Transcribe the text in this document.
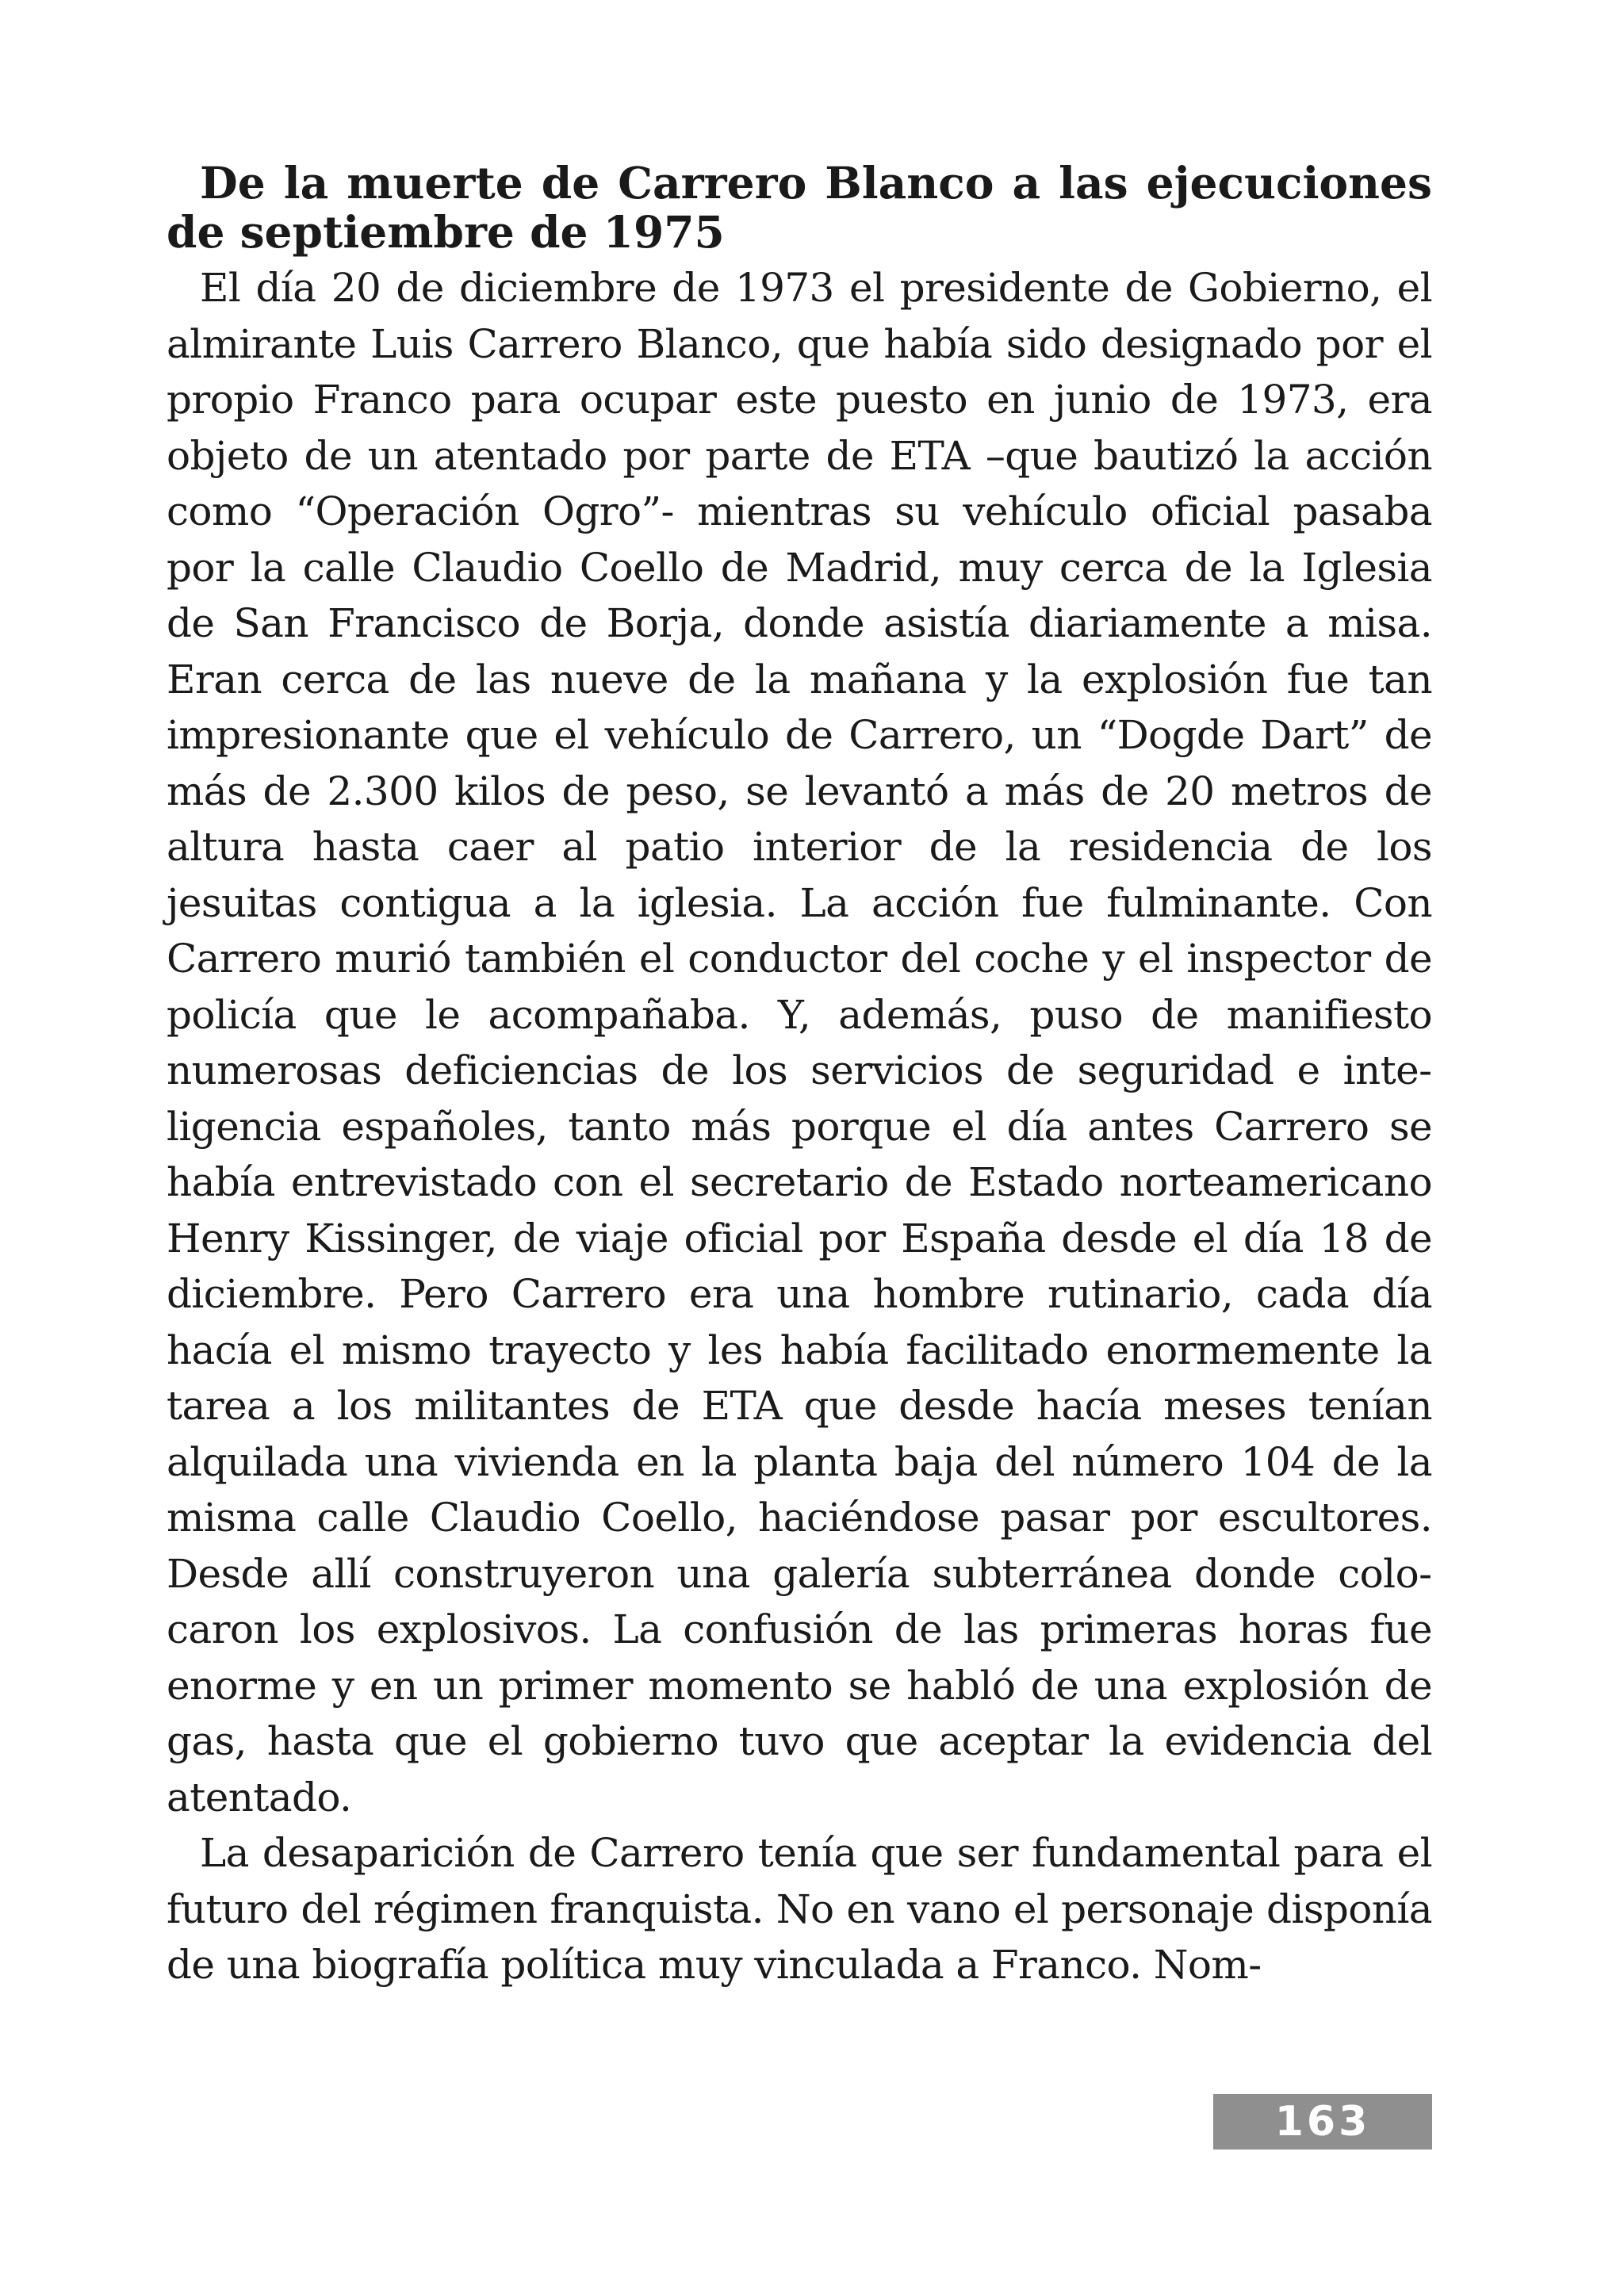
De la muerte de Carrero Blanco a las ejecuciones de septiembre de 1975

El día 20 de diciembre de 1973 el presidente de Gobierno, el almirante Luis Carrero Blanco, que había sido designado por el propio Franco para ocupar este puesto en junio de 1973, era objeto de un atentado por parte de ETA –que bautizó la acción como “Operación Ogro”- mientras su vehículo oficial pasaba por la calle Claudio Coello de Madrid, muy cerca de la Iglesia de San Francisco de Borja, donde asistía diariamente a misa. Eran cerca de las nueve de la mañana y la explosión fue tan impresionante que el vehículo de Carrero, un “Dogde Dart” de más de 2.300 kilos de peso, se levantó a más de 20 metros de altura hasta caer al patio interior de la residencia de los jesuitas contigua a la iglesia. La acción fue fulminante. Con Carrero murió también el conductor del coche y el inspector de policía que le acompañaba. Y, además, puso de manifiesto numerosas deficiencias de los servicios de seguridad e inteligencia españoles, tanto más porque el día antes Carrero se había entrevistado con el secretario de Estado norteamericano Henry Kissinger, de viaje oficial por España desde el día 18 de diciembre. Pero Carrero era una hombre rutinario, cada día hacía el mismo trayecto y les había facilitado enormemente la tarea a los militantes de ETA que desde hacía meses tenían alquilada una vivienda en la planta baja del número 104 de la misma calle Claudio Coello, haciéndose pasar por escultores. Desde allí construyeron una galería subterránea donde colocaron los explosivos. La confusión de las primeras horas fue enorme y en un primer momento se habló de una explosión de gas, hasta que el gobierno tuvo que aceptar la evidencia del atentado.

La desaparición de Carrero tenía que ser fundamental para el futuro del régimen franquista. No en vano el personaje disponía de una biografía política muy vinculada a Franco. Nom-

163
